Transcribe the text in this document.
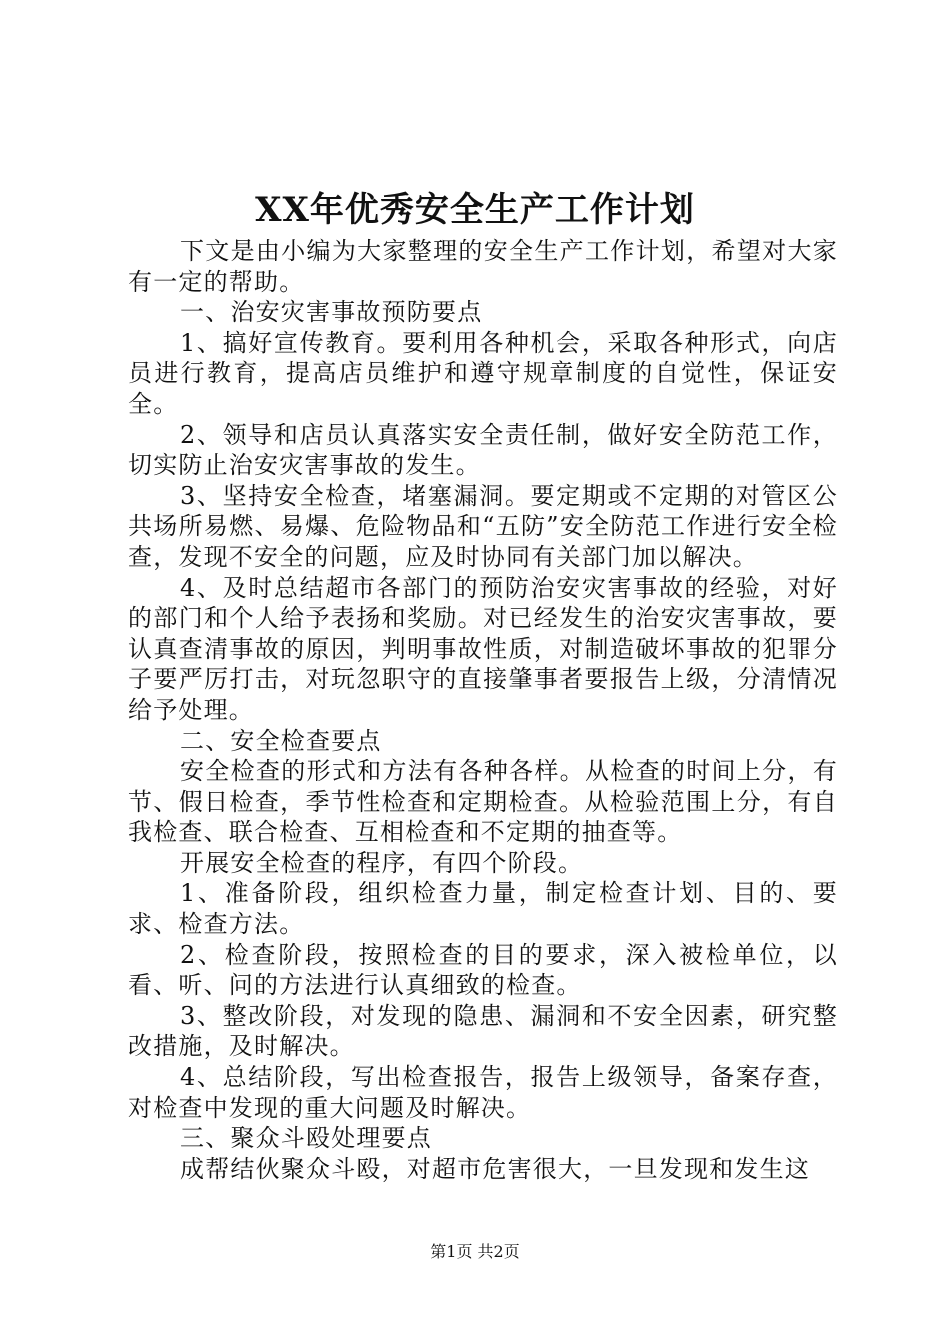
XX年优秀安全生产工作计划

下文是由小编为大家整理的安全生产工作计划，希望对大家有一定的帮助。

一、治安灾害事故预防要点

1、搞好宣传教育。要利用各种机会，采取各种形式，向店员进行教育，提高店员维护和遵守规章制度的自觉性，保证安全。

2、领导和店员认真落实安全责任制，做好安全防范工作，切实防止治安灾害事故的发生。

3、坚持安全检查，堵塞漏洞。要定期或不定期的对管区公共场所易燃、易爆、危险物品和“五防”安全防范工作进行安全检查，发现不安全的问题，应及时协同有关部门加以解决。

4、及时总结超市各部门的预防治安灾害事故的经验，对好的部门和个人给予表扬和奖励。对已经发生的治安灾害事故，要认真查清事故的原因，判明事故性质，对制造破坏事故的犯罪分子要严厉打击，对玩忽职守的直接肇事者要报告上级，分清情况给予处理。

二、安全检查要点

安全检查的形式和方法有各种各样。从检查的时间上分，有节、假日检查，季节性检查和定期检查。从检验范围上分，有自我检查、联合检查、互相检查和不定期的抽查等。

开展安全检查的程序，有四个阶段。

1、准备阶段，组织检查力量，制定检查计划、目的、要求、检查方法。

2、检查阶段，按照检查的目的要求，深入被检单位，以看、听、问的方法进行认真细致的检查。

3、整改阶段，对发现的隐患、漏洞和不安全因素，研究整改措施，及时解决。

4、总结阶段，写出检查报告，报告上级领导，备案存查，对检查中发现的重大问题及时解决。

三、聚众斗殴处理要点

成帮结伙聚众斗殴，对超市危害很大，一旦发现和发生这

第1页 共2页
